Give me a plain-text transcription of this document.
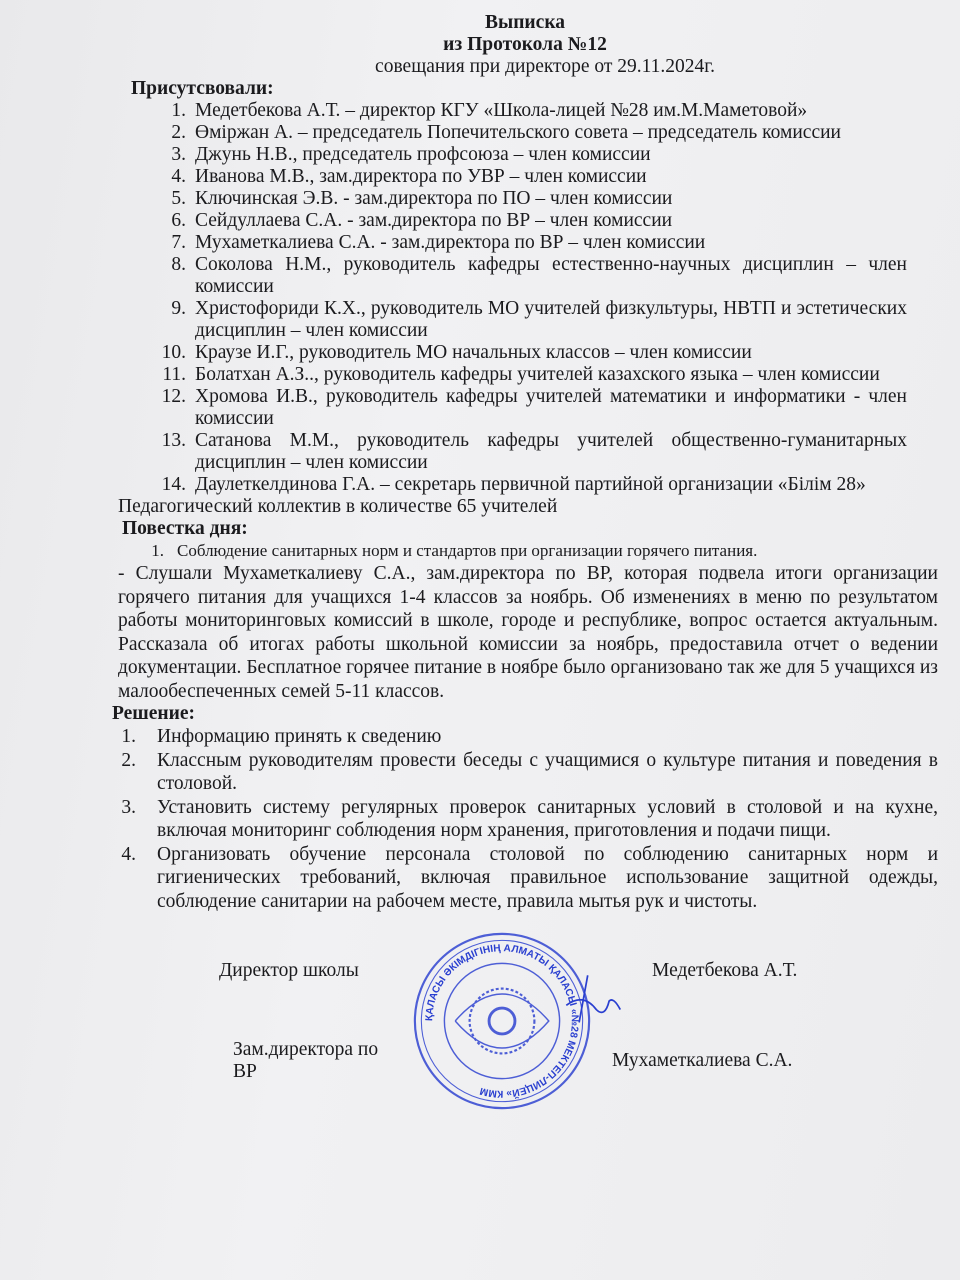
Выписка
из Протокола №12
совещания при директоре от 29.11.2024г.
Присутсвовали:
1. Медетбекова А.Т. – директор КГУ «Школа-лицей №28 им.М.Маметовой»
2. Өміржан А. – председатель Попечительского совета – председатель комиссии
3. Джунь Н.В., председатель профсоюза – член комиссии
4. Иванова М.В., зам.директора по УВР – член комиссии
5. Ключинская Э.В. - зам.директора по ПО – член комиссии
6. Сейдуллаева С.А. - зам.директора по ВР – член комиссии
7. Мухаметкалиева С.А. - зам.директора по ВР – член комиссии
8. Соколова Н.М., руководитель кафедры естественно-научных дисциплин – член комиссии
9. Христофориди К.Х., руководитель МО учителей физкультуры, НВТП и эстетических дисциплин – член комиссии
10. Краузе И.Г., руководитель МО начальных классов – член комиссии
11. Болатхан А.З.., руководитель кафедры учителей казахского языка – член комиссии
12. Хромова И.В., руководитель кафедры учителей математики и информатики - член комиссии
13. Сатанова М.М., руководитель кафедры учителей общественно-гуманитарных дисциплин – член комиссии
14. Даулеткелдинова Г.А. – секретарь первичной партийной организации «Білім 28»
Педагогический коллектив в количестве 65 учителей
Повестка дня:
1. Соблюдение санитарных норм и стандартов при организации горячего питания.
- Слушали Мухаметкалиеву С.А., зам.директора по ВР, которая подвела итоги организации горячего питания для учащихся 1-4 классов за ноябрь. Об изменениях в меню по результатом работы мониторинговых комиссий в школе, городе и республике, вопрос остается актуальным. Рассказала об итогах работы школьной комиссии за ноябрь, предоставила отчет о ведении документации. Бесплатное горячее питание в ноябре было организовано так же для 5 учащихся из малообеспеченных семей 5-11 классов.
Решение:
1. Информацию принять к сведению
2. Классным руководителям провести беседы с учащимися о культуре питания и поведения в столовой.
3. Установить систему регулярных проверок санитарных условий в столовой и на кухне, включая мониторинг соблюдения норм хранения, приготовления и подачи пищи.
4. Организовать обучение персонала столовой по соблюдению санитарных норм и гигиенических требований, включая правильное использование защитной одежды, соблюдение санитарии на рабочем месте, правила мытья рук и чистоты.
Директор школы	Медетбекова А.Т.
Зам.директора по ВР
Мухаметкалиева С.А.
ҚАЛАСЫ ӘКІМДІГІНІҢ АЛМАТЫ ҚАЛАСЫ «№28 МЕКТЕП-ЛИЦЕЙ» КММ
